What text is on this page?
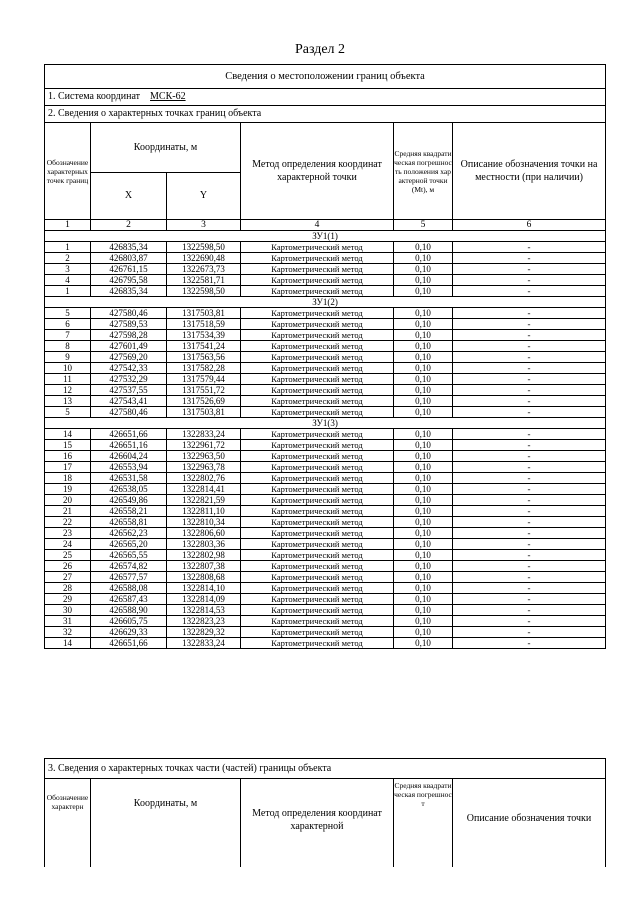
Раздел 2
Сведения о местоположении границ объекта					
1. Система координат МСК-62					
2. Сведения о характерных точках границ объекта					
Обозначение характерных точек границ	Координаты, м		Метод определения координат характерной точки	Средняя квадратическая погрешность положения характерной точки (Mt), м	Описание обозначения точки на местности (при наличии)
	X	Y			
1	2	3	4	5	6
ЗУ1(1)					
1	426835,34	1322598,50	Картометрический метод	0,10	-
2	426803,87	1322690,48	Картометрический метод	0,10	-
3	426761,15	1322673,73	Картометрический метод	0,10	-
4	426795,58	1322581,71	Картометрический метод	0,10	-
1	426835,34	1322598,50	Картометрический метод	0,10	-
ЗУ1(2)					
5	427580,46	1317503,81	Картометрический метод	0,10	-
6	427589,53	1317518,59	Картометрический метод	0,10	-
7	427598,28	1317534,39	Картометрический метод	0,10	-
8	427601,49	1317541,24	Картометрический метод	0,10	-
9	427569,20	1317563,56	Картометрический метод	0,10	-
10	427542,33	1317582,28	Картометрический метод	0,10	-
11	427532,29	1317579,44	Картометрический метод	0,10	-
12	427537,55	1317551,72	Картометрический метод	0,10	-
13	427543,41	1317526,69	Картометрический метод	0,10	-
5	427580,46	1317503,81	Картометрический метод	0,10	-
ЗУ1(3)					
14	426651,66	1322833,24	Картометрический метод	0,10	-
15	426651,16	1322961,72	Картометрический метод	0,10	-
16	426604,24	1322963,50	Картометрический метод	0,10	-
17	426553,94	1322963,78	Картометрический метод	0,10	-
18	426531,58	1322802,76	Картометрический метод	0,10	-
19	426538,05	1322814,41	Картометрический метод	0,10	-
20	426549,86	1322821,59	Картометрический метод	0,10	-
21	426558,21	1322811,10	Картометрический метод	0,10	-
22	426558,81	1322810,34	Картометрический метод	0,10	-
23	426562,23	1322806,60	Картометрический метод	0,10	-
24	426565,20	1322803,36	Картометрический метод	0,10	-
25	426565,55	1322802,98	Картометрический метод	0,10	-
26	426574,82	1322807,38	Картометрический метод	0,10	-
27	426577,57	1322808,68	Картометрический метод	0,10	-
28	426588,08	1322814,10	Картометрический метод	0,10	-
29	426587,43	1322814,09	Картометрический метод	0,10	-
30	426588,90	1322814,53	Картометрический метод	0,10	-
31	426605,75	1322823,23	Картометрический метод	0,10	-
32	426629,33	1322829,32	Картометрический метод	0,10	-
14	426651,66	1322833,24	Картометрический метод	0,10	-
3. Сведения о характерных точках части (частей) границы объекта
Обозначение характерн	Координаты, м	Метод определения координат характерной	Средняя квадратическая погрешност	Описание обозначения точки
